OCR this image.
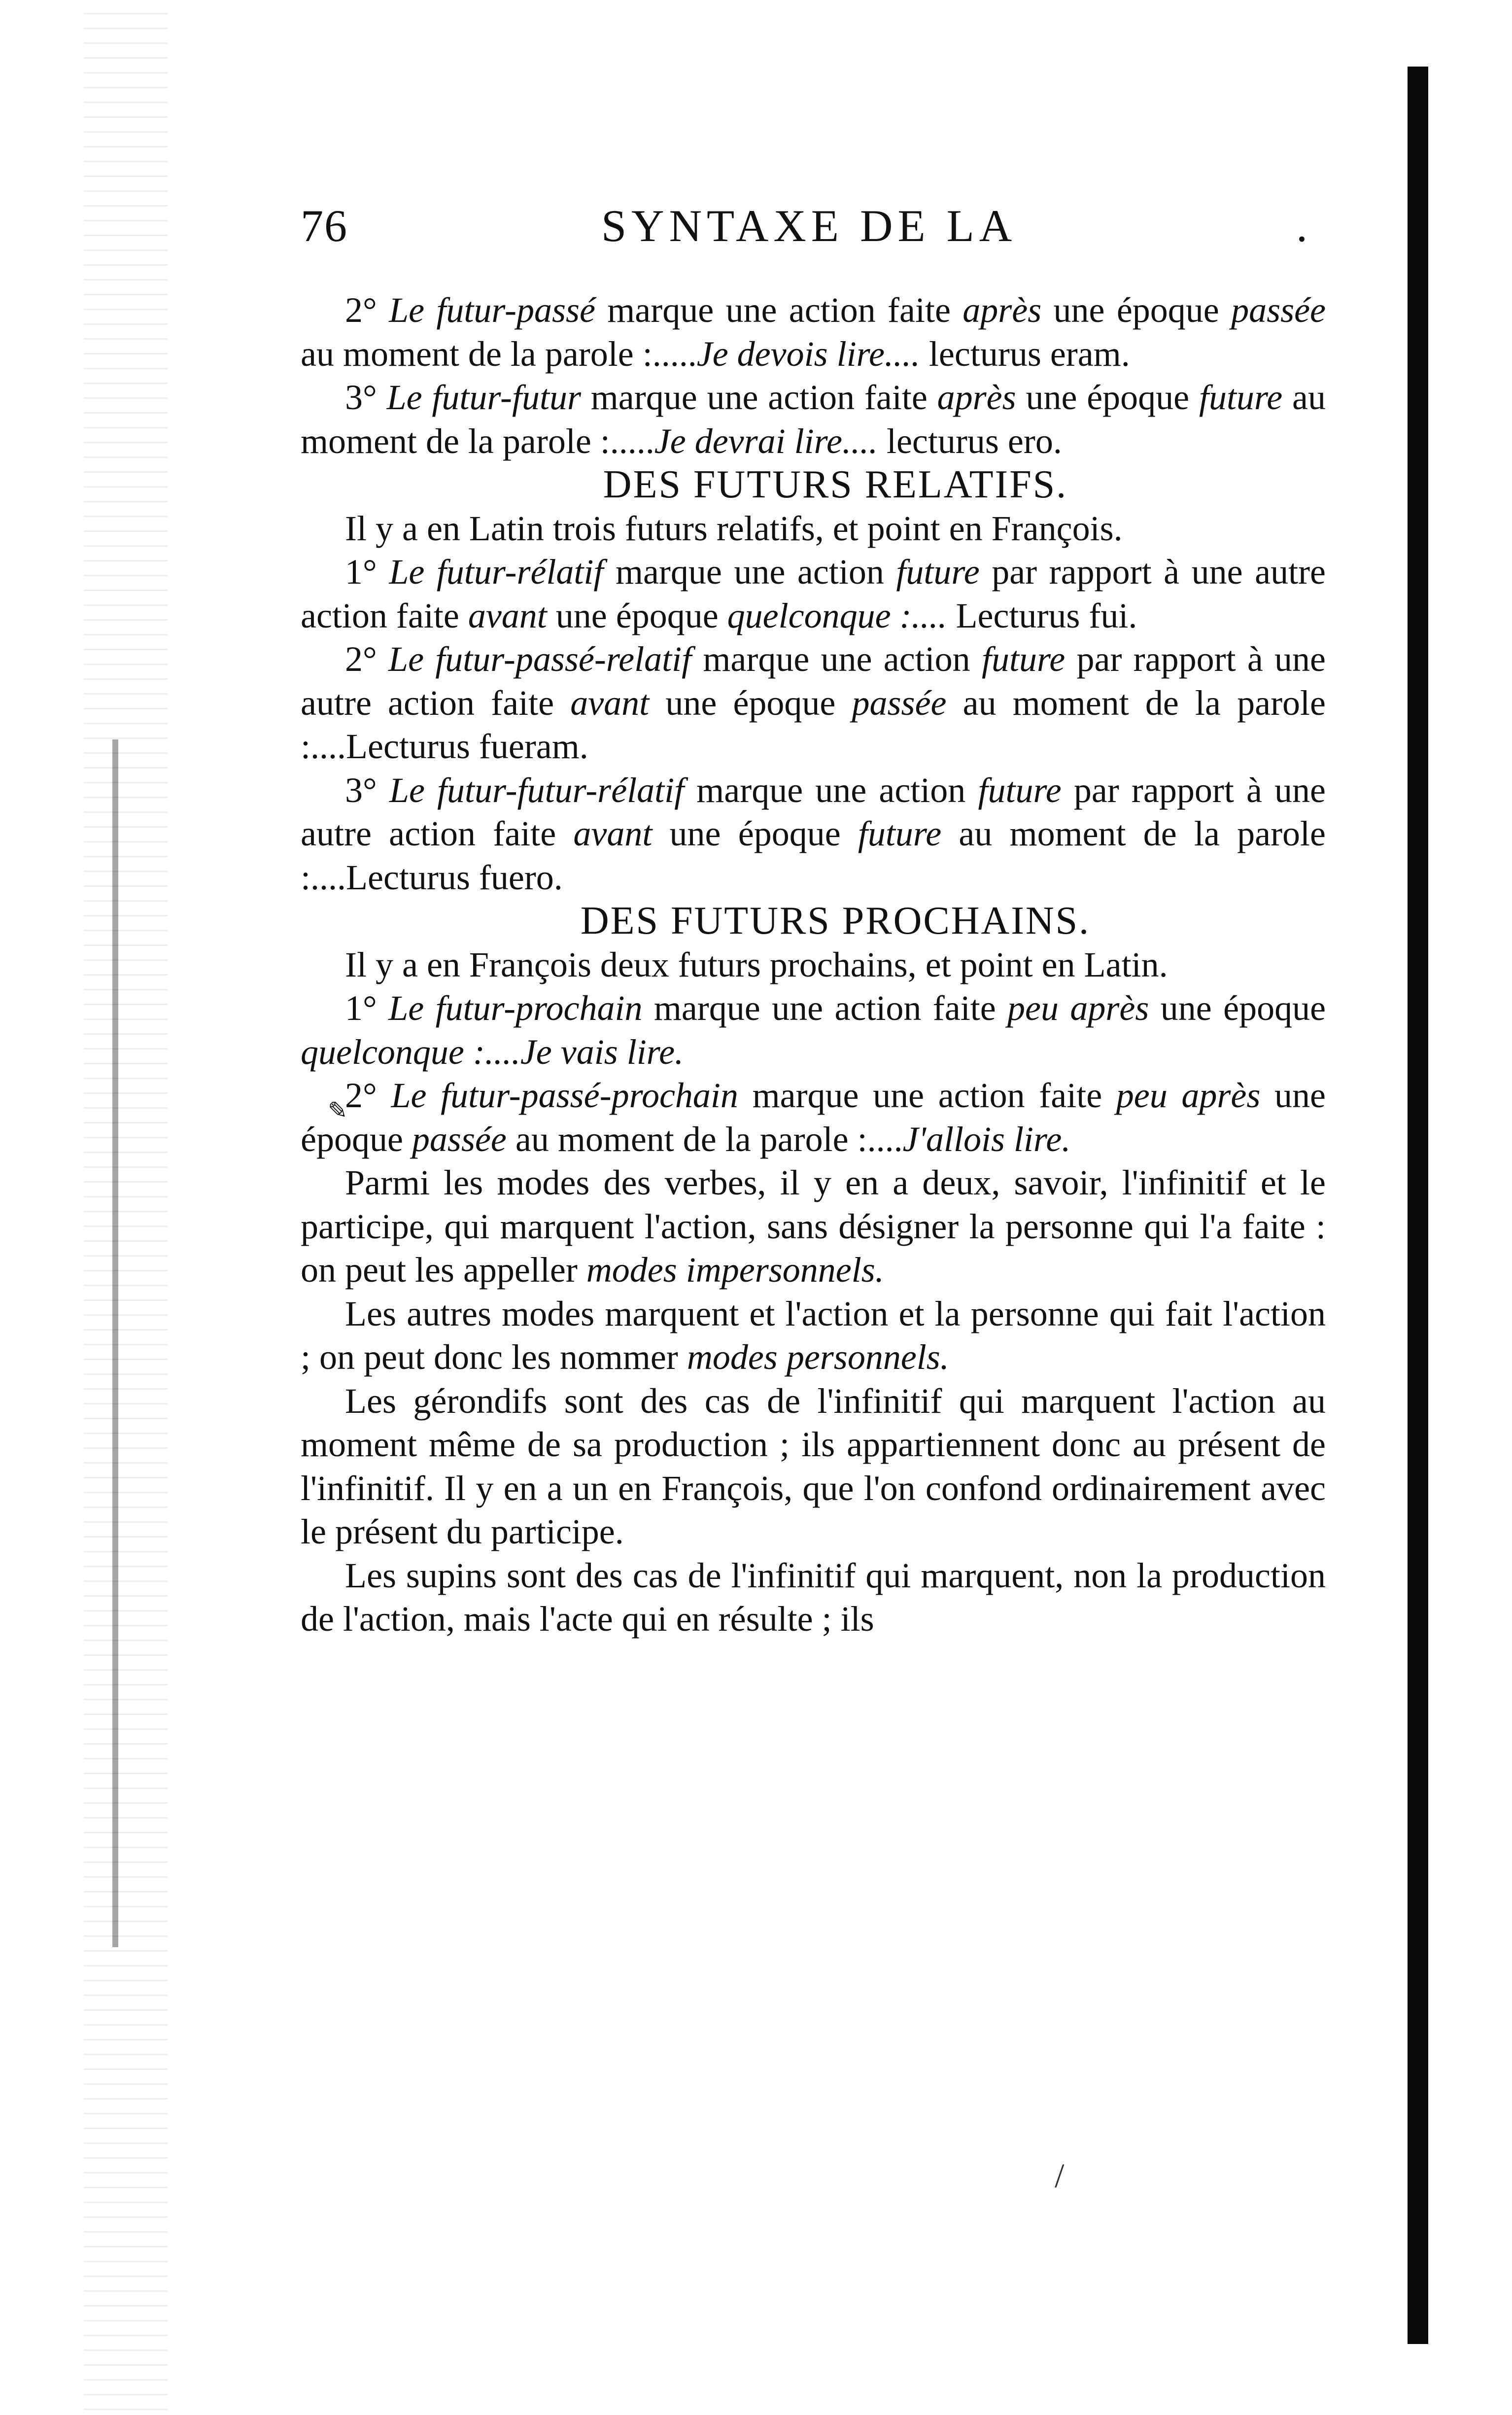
76	SYNTAXE DE LA	.

2° Le futur-passé marque une action faite après une époque passée au moment de la parole :.....Je devois lire.... lecturus eram.

3° Le futur-futur marque une action faite après une époque future au moment de la parole :.....Je devrai lire.... lecturus ero.

DES FUTURS RELATIFS.

Il y a en Latin trois futurs relatifs, et point en François.

1° Le futur-rélatif marque une action future par rapport à une autre action faite avant une époque quelconque :.... Lecturus fui.

2° Le futur-passé-relatif marque une action future par rapport à une autre action faite avant une époque passée au moment de la parole :....Lecturus fueram.

3° Le futur-futur-rélatif marque une action future par rapport à une autre action faite avant une époque future au moment de la parole :....Lecturus fuero.

DES FUTURS PROCHAINS.

Il y a en François deux futurs prochains, et point en Latin.

1° Le futur-prochain marque une action faite peu après une époque quelconque :....Je vais lire.

2° Le futur-passé-prochain marque une action faite peu après une époque passée au moment de la parole :....J'allois lire.

Parmi les modes des verbes, il y en a deux, savoir, l'infinitif et le participe, qui marquent l'action, sans désigner la personne qui l'a faite : on peut les appeller modes impersonnels.

Les autres modes marquent et l'action et la personne qui fait l'action ; on peut donc les nommer modes personnels.

Les gérondifs sont des cas de l'infinitif qui marquent l'action au moment même de sa production ; ils appartiennent donc au présent de l'infinitif. Il y en a un en François, que l'on confond ordinairement avec le présent du participe.

Les supins sont des cas de l'infinitif qui marquent, non la production de l'action, mais l'acte qui en résulte ; ils

✎
/
